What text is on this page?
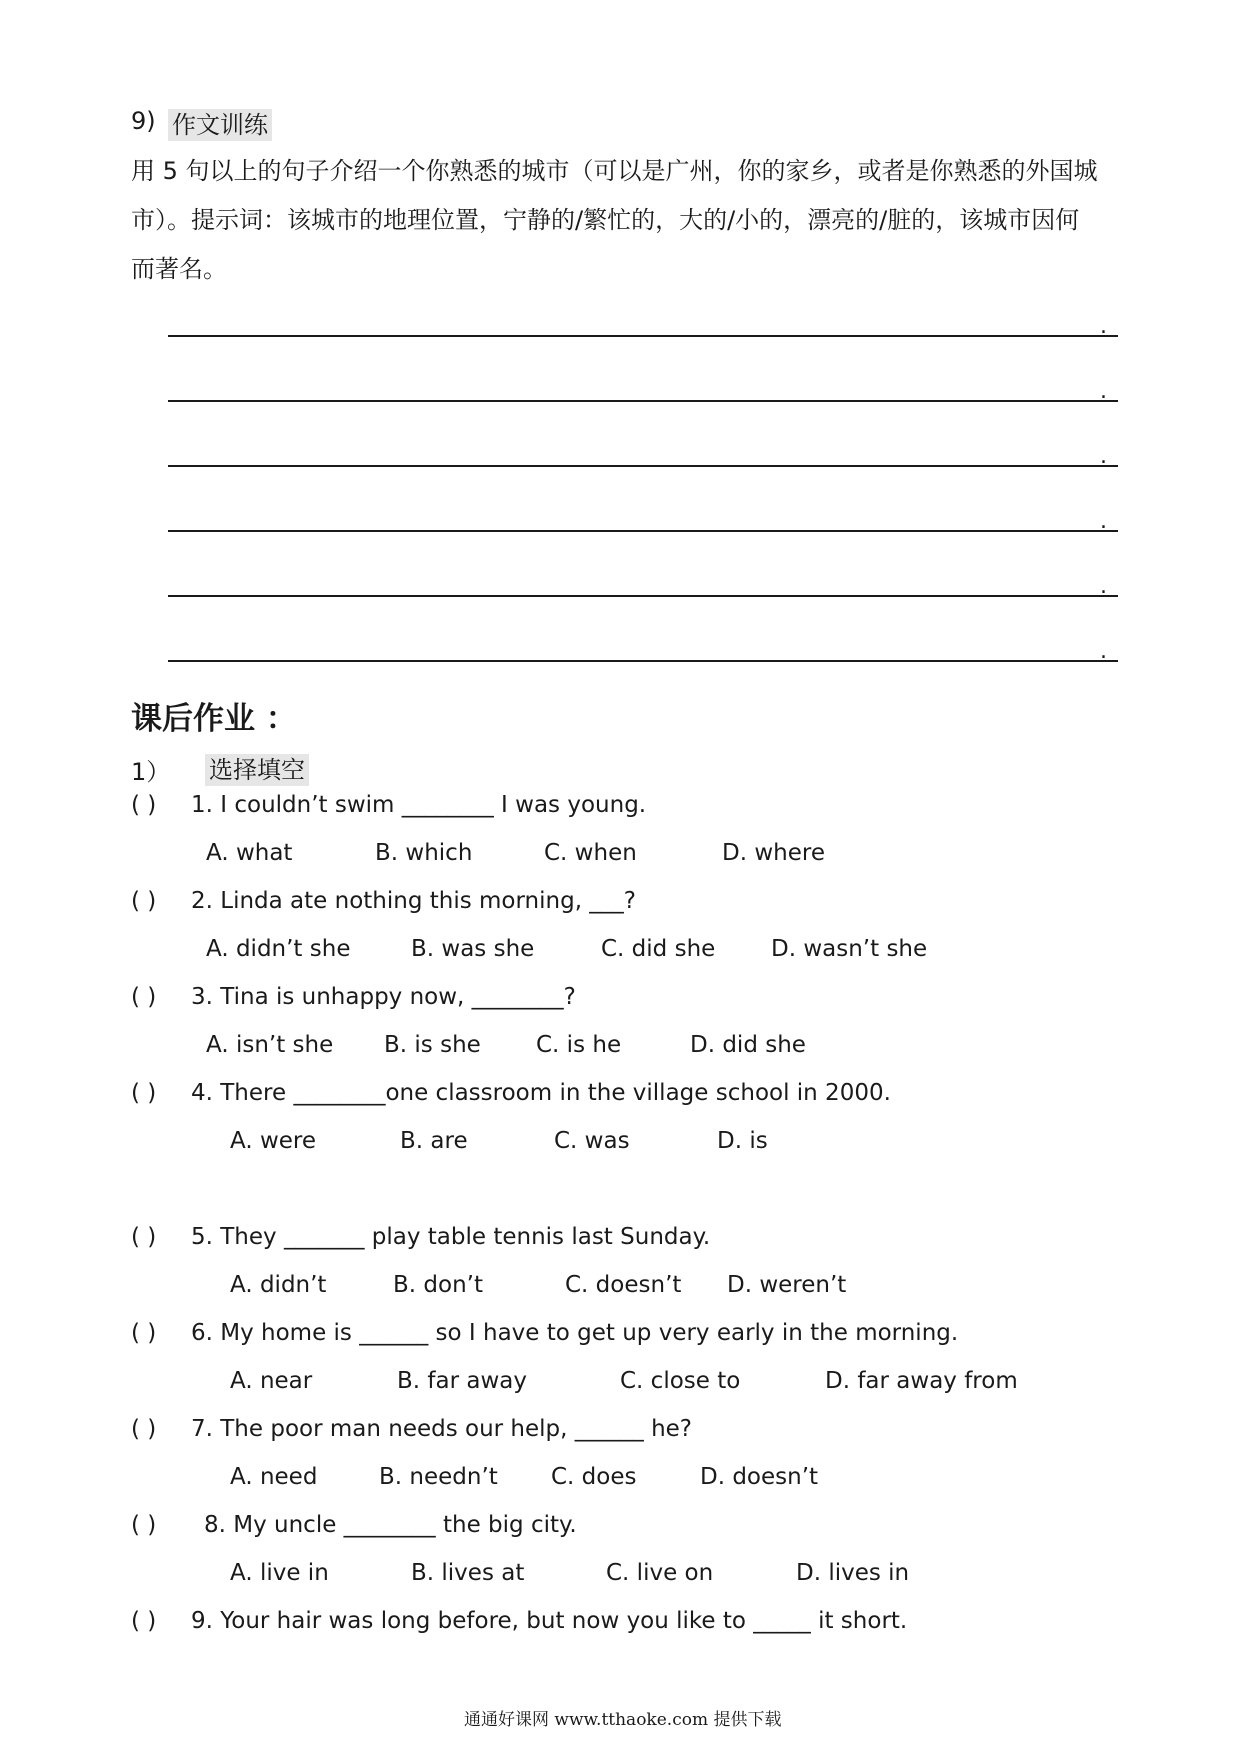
9) 作文训练
用 5 句以上的句子介绍一个你熟悉的城市（可以是广州，你的家乡，或者是你熟悉的外国城
市）。提示词：该城市的地理位置，宁静的/繁忙的，大的/小的，漂亮的/脏的，该城市因何
而著名。
.
.
.
.
.
.
课后作业 ：
1） 选择填空
( ) 1. I couldn’t swim ________ I was young.
A. what	B. which	C. when	D. where
( ) 2. Linda ate nothing this morning, ___?
A. didn’t she	B. was she	C. did she D. wasn’t she
( ) 3. Tina is unhappy now, ________?
A. isn’t she B. is she C. is he	D. did she
( ) 4. There ________one classroom in the village school in 2000.
A. were	B. are	C. was	D. is
( ) 5. They _______ play table tennis last Sunday.
A. didn’t	B. don’t	C. doesn’t D. weren’t
( ) 6. My home is ______ so I have to get up very early in the morning.
A. near	B. far away	C. close to	D. far away from
( ) 7. The poor man needs our help, ______ he?
A. need	B. needn’t C. does	D. doesn’t
( ) 8. My uncle ________ the big city.
A. live in	B. lives at	C. live on	D. lives in
( ) 9. Your hair was long before, but now you like to _____ it short.
通通好课网 www.tthaoke.com 提供下载
